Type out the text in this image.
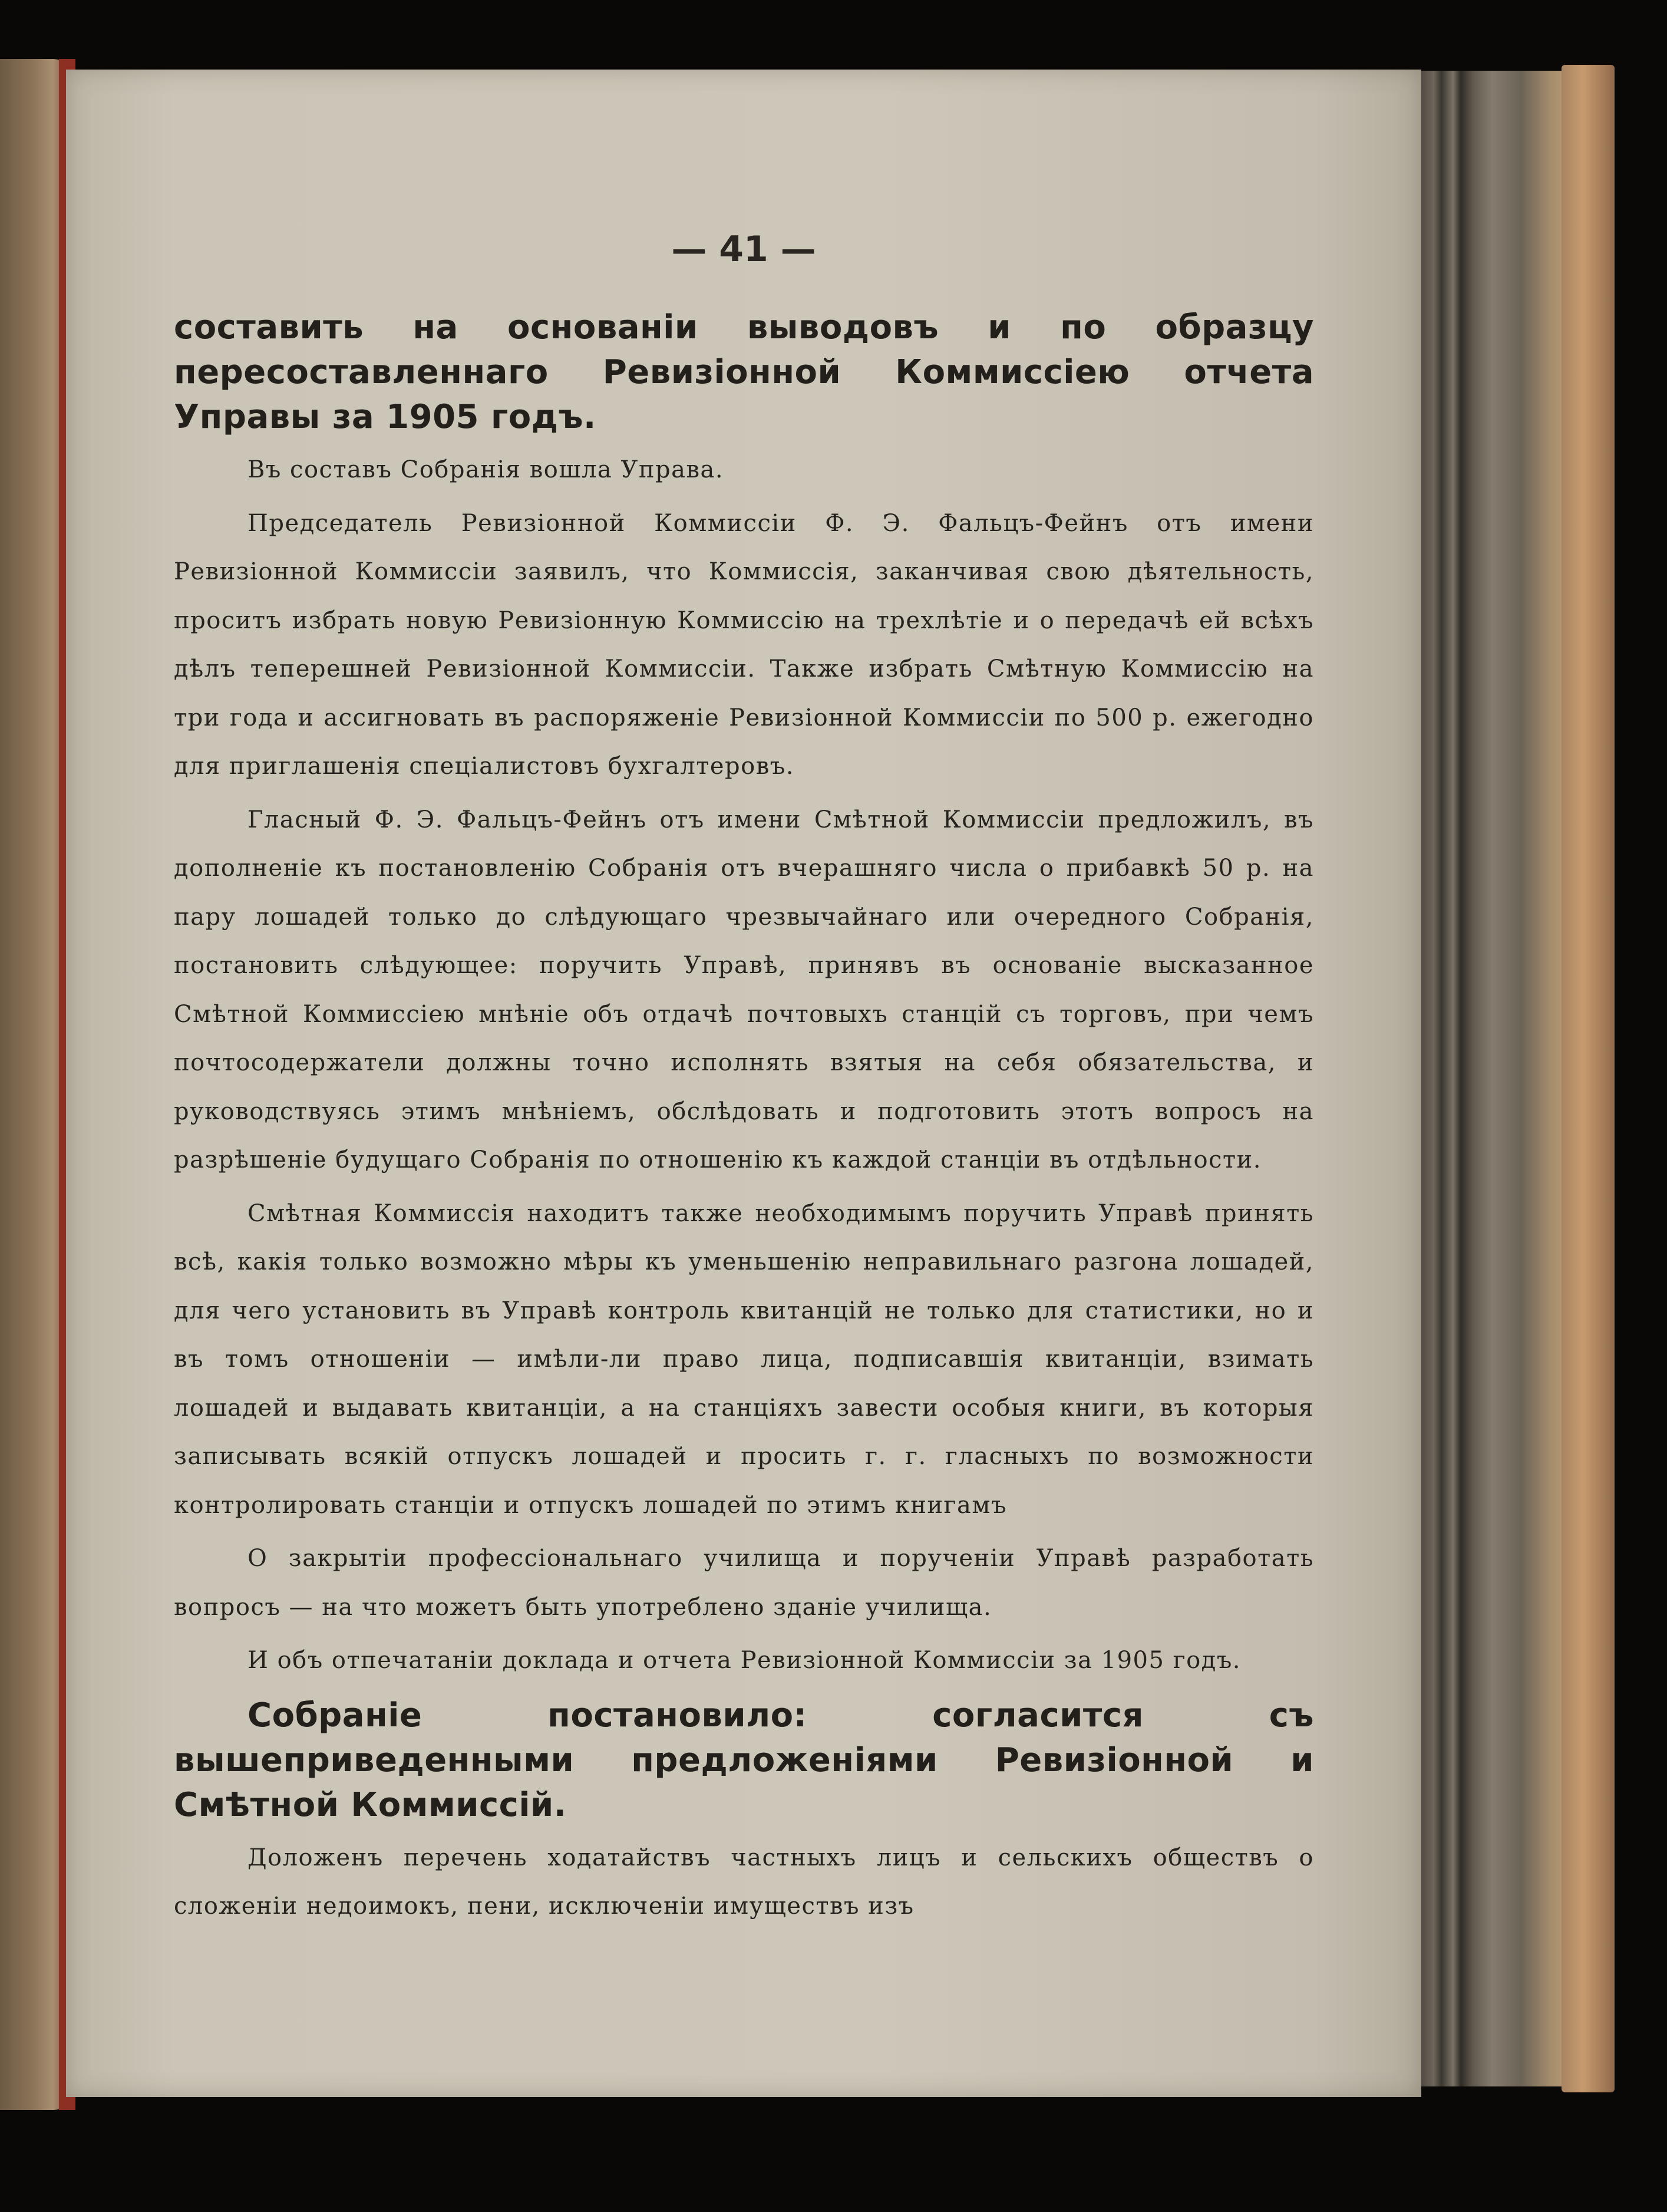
— 41 —

составить на основаніи выводовъ и по образцу пересоставленнаго Ревизіонной Коммиссіею отчета Управы за 1905 годъ.

Въ составъ Собранія вошла Управа.

Председатель Ревизіонной Коммиссіи Ф. Э. Фальцъ-Фейнъ отъ имени Ревизіонной Коммиссіи заявилъ, что Коммиссія, заканчивая свою дѣятельность, проситъ избрать новую Ревизіонную Коммиссію на трехлѣтіе и о передачѣ ей всѣхъ дѣлъ теперешней Ревизіонной Коммиссіи. Также избрать Смѣтную Коммиссію на три года и ассигновать въ распоряженіе Ревизіонной Коммиссіи по 500 р. ежегодно для приглашенія спеціалистовъ бухгалтеровъ.

Гласный Ф. Э. Фальцъ-Фейнъ отъ имени Смѣтной Коммиссіи предложилъ, въ дополненіе къ постановленію Собранія отъ вчерашняго числа о прибавкѣ 50 р. на пару лошадей только до слѣдующаго чрезвычайнаго или очередного Собранія, постановить слѣдующее: поручить Управѣ, принявъ въ основаніе высказанное Смѣтной Коммиссіею мнѣніе объ отдачѣ почтовыхъ станцій съ торговъ, при чемъ почтосодержатели должны точно исполнять взятыя на себя обязательства, и руководствуясь этимъ мнѣніемъ, обслѣдовать и подготовить этотъ вопросъ на разрѣшеніе будущаго Собранія по отношенію къ каждой станціи въ отдѣльности.

Смѣтная Коммиссія находитъ также необходимымъ поручить Управѣ принять всѣ, какія только возможно мѣры къ уменьшенію неправильнаго разгона лошадей, для чего установить въ Управѣ контроль квитанцій не только для статистики, но и въ томъ отношеніи — имѣли-ли право лица, подписавшія квитанціи, взимать лошадей и выдавать квитанціи, а на станціяхъ завести особыя книги, въ которыя записывать всякій отпускъ лошадей и просить г. г. гласныхъ по возможности контролировать станціи и отпускъ лошадей по этимъ книгамъ

О закрытіи профессіональнаго училища и порученіи Управѣ разработать вопросъ — на что можетъ быть употреблено зданіе училища.

И объ отпечатаніи доклада и отчета Ревизіонной Коммиссіи за 1905 годъ.

Собраніе постановило: согласится съ вышеприведенными предложеніями Ревизіонной и Смѣтной Коммиссій.

Доложенъ перечень ходатайствъ частныхъ лицъ и сельскихъ обществъ о сложеніи недоимокъ, пени, исключеніи имуществъ изъ
